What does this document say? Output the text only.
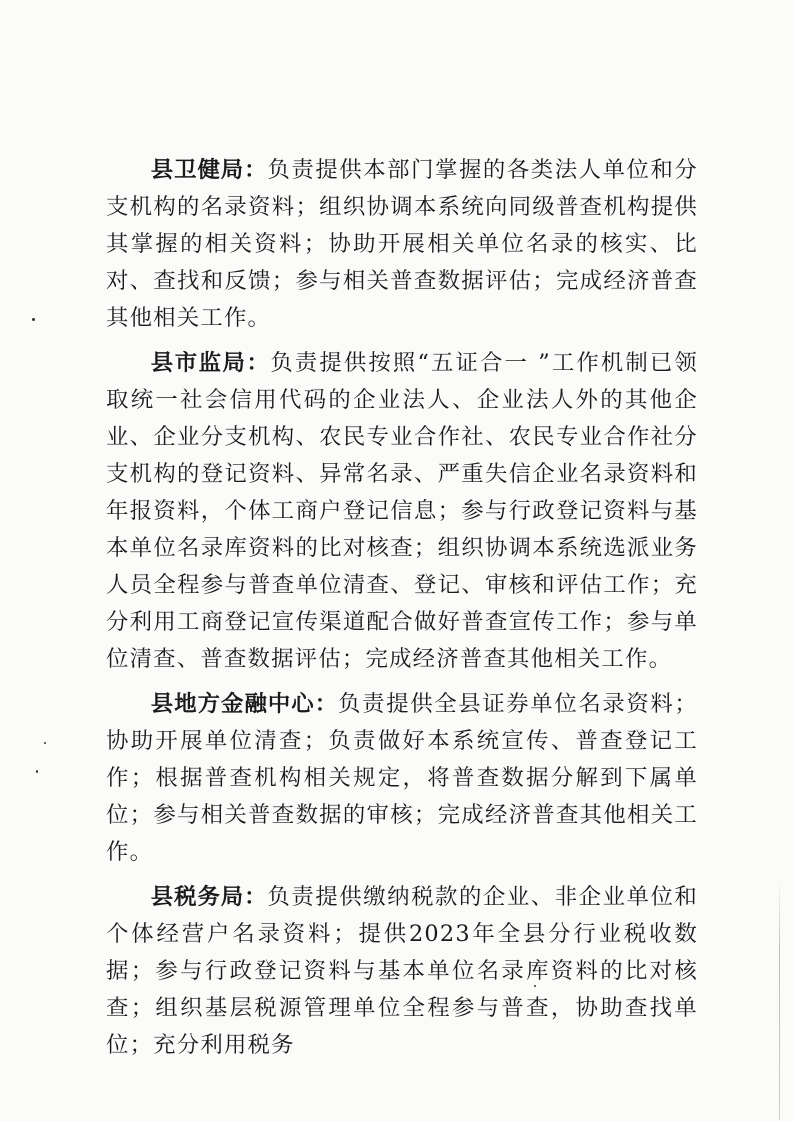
县卫健局：负责提供本部门掌握的各类法人单位和分支机构的名录资料；组织协调本系统向同级普查机构提供其掌握的相关资料；协助开展相关单位名录的核实、比对、查找和反馈；参与相关普查数据评估；完成经济普查其他相关工作。

县市监局：负责提供按照“五证合一 ”工作机制已领取统一社会信用代码的企业法人、企业法人外的其他企业、企业分支机构、农民专业合作社、农民专业合作社分支机构的登记资料、异常名录、严重失信企业名录资料和年报资料，个体工商户登记信息；参与行政登记资料与基本单位名录库资料的比对核查；组织协调本系统选派业务人员全程参与普查单位清查、登记、审核和评估工作；充分利用工商登记宣传渠道配合做好普查宣传工作；参与单位清查、普查数据评估；完成经济普查其他相关工作。

县地方金融中心：负责提供全县证券单位名录资料；协助开展单位清查；负责做好本系统宣传、普查登记工作；根据普查机构相关规定，将普查数据分解到下属单位；参与相关普查数据的审核；完成经济普查其他相关工作。

县税务局：负责提供缴纳税款的企业、非企业单位和个体经营户名录资料；提供2023年全县分行业税收数据；参与行政登记资料与基本单位名录库资料的比对核查；组织基层税源管理单位全程参与普查，协助查找单位；充分利用税务
